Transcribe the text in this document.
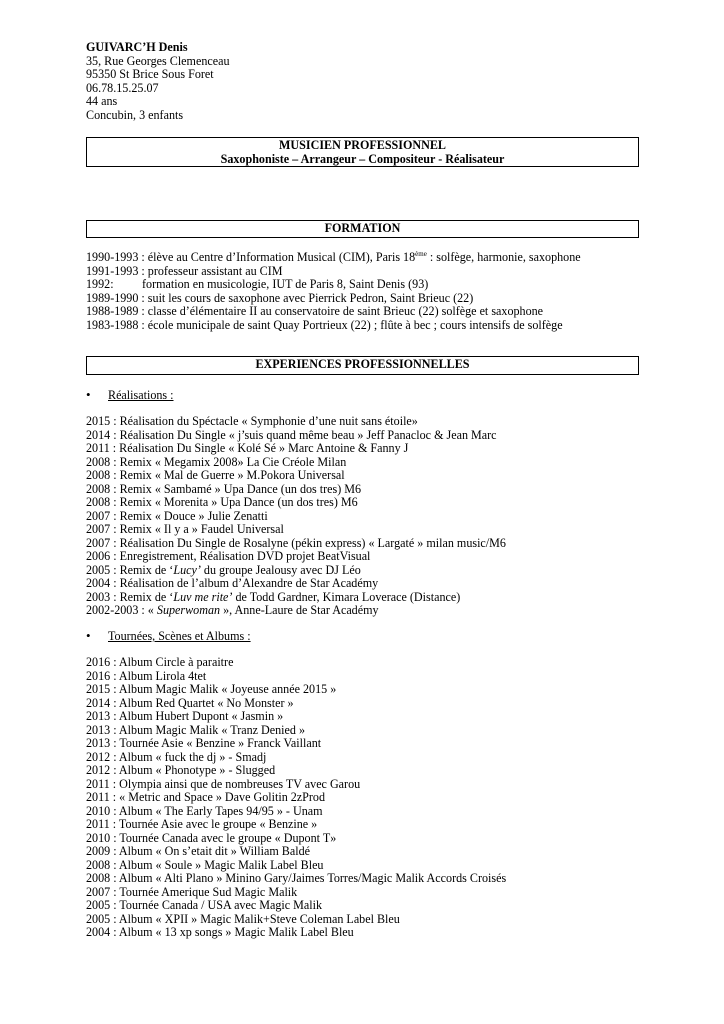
GUIVARC’H Denis
35, Rue Georges Clemenceau
95350 St Brice Sous Foret
06.78.15.25.07
44 ans
Concubin, 3 enfants
MUSICIEN PROFESSIONNEL
Saxophoniste – Arrangeur – Compositeur - Réalisateur
FORMATION
1990-1993 : élève au Centre d’Information Musical (CIM), Paris 18ème : solfège, harmonie, saxophone
1991-1993 : professeur assistant au CIM
1992: formation en musicologie, IUT de Paris 8, Saint Denis (93)
1989-1990 : suit les cours de saxophone avec Pierrick Pedron, Saint Brieuc (22)
1988-1989 : classe d’élémentaire II au conservatoire de saint Brieuc (22) solfège et saxophone
1983-1988 : école municipale de saint Quay Portrieux (22) ; flûte à bec ; cours intensifs de solfège
EXPERIENCES PROFESSIONNELLES
• Réalisations :
2015 : Réalisation du Spéctacle « Symphonie d’une nuit sans étoile»
2014 : Réalisation Du Single « j’suis quand même beau » Jeff Panacloc & Jean Marc
2011 : Réalisation Du Single « Kolé Sé » Marc Antoine & Fanny J
2008 : Remix « Megamix 2008» La Cie Créole Milan
2008 : Remix « Mal de Guerre » M.Pokora Universal
2008 : Remix « Sambamé » Upa Dance (un dos tres) M6
2008 : Remix « Morenita » Upa Dance (un dos tres) M6
2007 : Remix « Douce » Julie Zenatti
2007 : Remix « Il y a » Faudel Universal
2007 : Réalisation Du Single de Rosalyne (pékin express) « Largaté » milan music/M6
2006 : Enregistrement, Réalisation DVD projet BeatVisual
2005 : Remix de ‘Lucy’ du groupe Jealousy avec DJ Léo
2004 : Réalisation de l’album d’Alexandre de Star Académy
2003 : Remix de ‘Luv me rite’ de Todd Gardner, Kimara Loverace (Distance)
2002-2003 : « Superwoman », Anne-Laure de Star Académy
• Tournées, Scènes et Albums :
2016 : Album Circle à paraitre
2016 : Album Lirola 4tet
2015 : Album Magic Malik « Joyeuse année 2015 »
2014 : Album Red Quartet « No Monster »
2013 : Album Hubert Dupont « Jasmin »
2013 : Album Magic Malik « Tranz Denied »
2013 : Tournée Asie « Benzine » Franck Vaillant
2012 : Album « fuck the dj » - Smadj
2012 : Album « Phonotype » - Slugged
2011 : Olympia ainsi que de nombreuses TV avec Garou
2011 : « Metric and Space » Dave Golitin 2zProd
2010 : Album « The Early Tapes 94/95 » - Unam
2011 : Tournée Asie avec le groupe « Benzine »
2010 : Tournée Canada avec le groupe « Dupont T»
2009 : Album « On s’etait dit » William Baldé
2008 : Album « Soule » Magic Malik Label Bleu
2008 : Album « Alti Plano » Minino Gary/Jaimes Torres/Magic Malik Accords Croisés
2007 : Tournée Amerique Sud Magic Malik
2005 : Tournée Canada / USA avec Magic Malik
2005 : Album « XPII » Magic Malik+Steve Coleman Label Bleu
2004 : Album « 13 xp songs » Magic Malik Label Bleu
